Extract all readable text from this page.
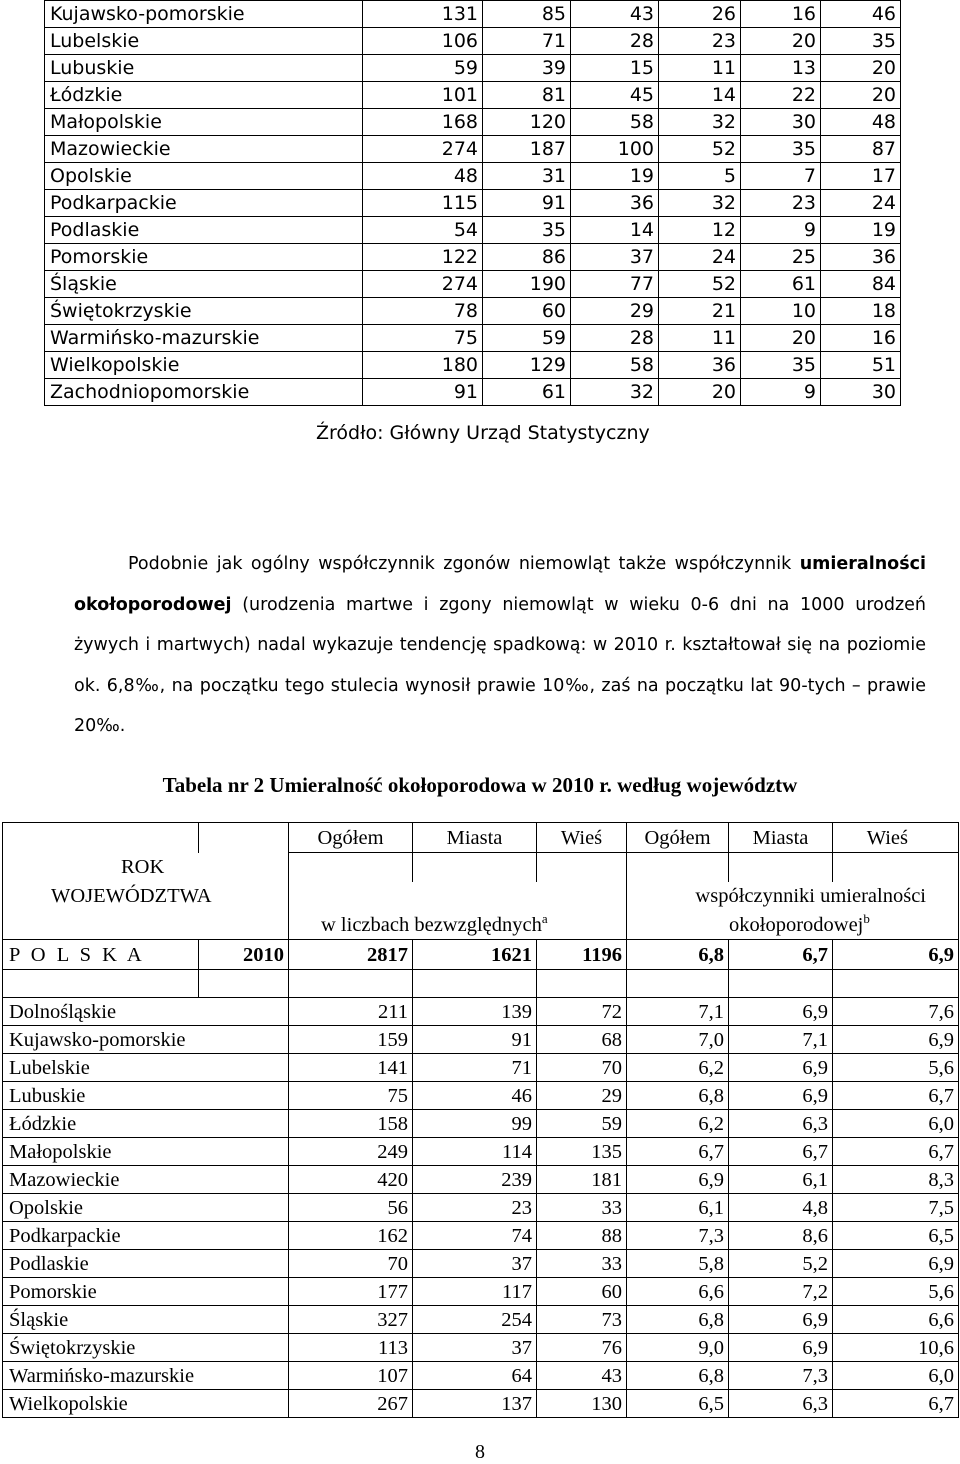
Kujawsko-pomorskie	131	85	43	26	16	46
Lubelskie	106	71	28	23	20	35
Lubuskie	59	39	15	11	13	20
Łódzkie	101	81	45	14	22	20
Małopolskie	168	120	58	32	30	48
Mazowieckie	274	187	100	52	35	87
Opolskie	48	31	19	5	7	17
Podkarpackie	115	91	36	32	23	24
Podlaskie	54	35	14	12	9	19
Pomorskie	122	86	37	24	25	36
Śląskie	274	190	77	52	61	84
Świętokrzyskie	78	60	29	21	10	18
Warmińsko-mazurskie	75	59	28	11	20	16
Wielkopolskie	180	129	58	36	35	51
Zachodniopomorskie	91	61	32	20	9	30
Źródło: Główny Urząd Statystyczny

Podobnie jak ogólny współczynnik zgonów niemowląt także współczynnik umieralności okołoporodowej (urodzenia martwe i zgony niemowląt w wieku 0-6 dni na 1000 urodzeń żywych i martwych) nadal wykazuje tendencję spadkową: w 2010 r. kształtował się na poziomie ok. 6,8‰, na początku tego stulecia wynosił prawie 10‰, zaś na początku lat 90-tych – prawie 20‰.

Tabela nr 2 Umieralność okołoporodowa w 2010 r. według województw
		Ogółem	Miasta	Wieś	Ogółem	Miasta	Wieś
ROK							
WOJEWÓDZTWA					współczynniki umieralności		
		w liczbach bezwzględnych$^a$			okołoporodowej$^b$
P O L S K A	2010	2817	1621	1196	6,8	6,7	6,9

Dolnośląskie		211	139	72	7,1	6,9	7,6
Kujawsko-pomorskie		159	91	68	7,0	7,1	6,9
Lubelskie		141	71	70	6,2	6,9	5,6
Lubuskie		75	46	29	6,8	6,9	6,7
Łódzkie		158	99	59	6,2	6,3	6,0
Małopolskie		249	114	135	6,7	6,7	6,7
Mazowieckie		420	239	181	6,9	6,1	8,3
Opolskie		56	23	33	6,1	4,8	7,5
Podkarpackie		162	74	88	7,3	8,6	6,5
Podlaskie		70	37	33	5,8	5,2	6,9
Pomorskie		177	117	60	6,6	7,2	5,6
Śląskie		327	254	73	6,8	6,9	6,6
Świętokrzyskie		113	37	76	9,0	6,9	10,6
Warmińsko-mazurskie		107	64	43	6,8	7,3	6,0
Wielkopolskie		267	137	130	6,5	6,3	6,7
8
